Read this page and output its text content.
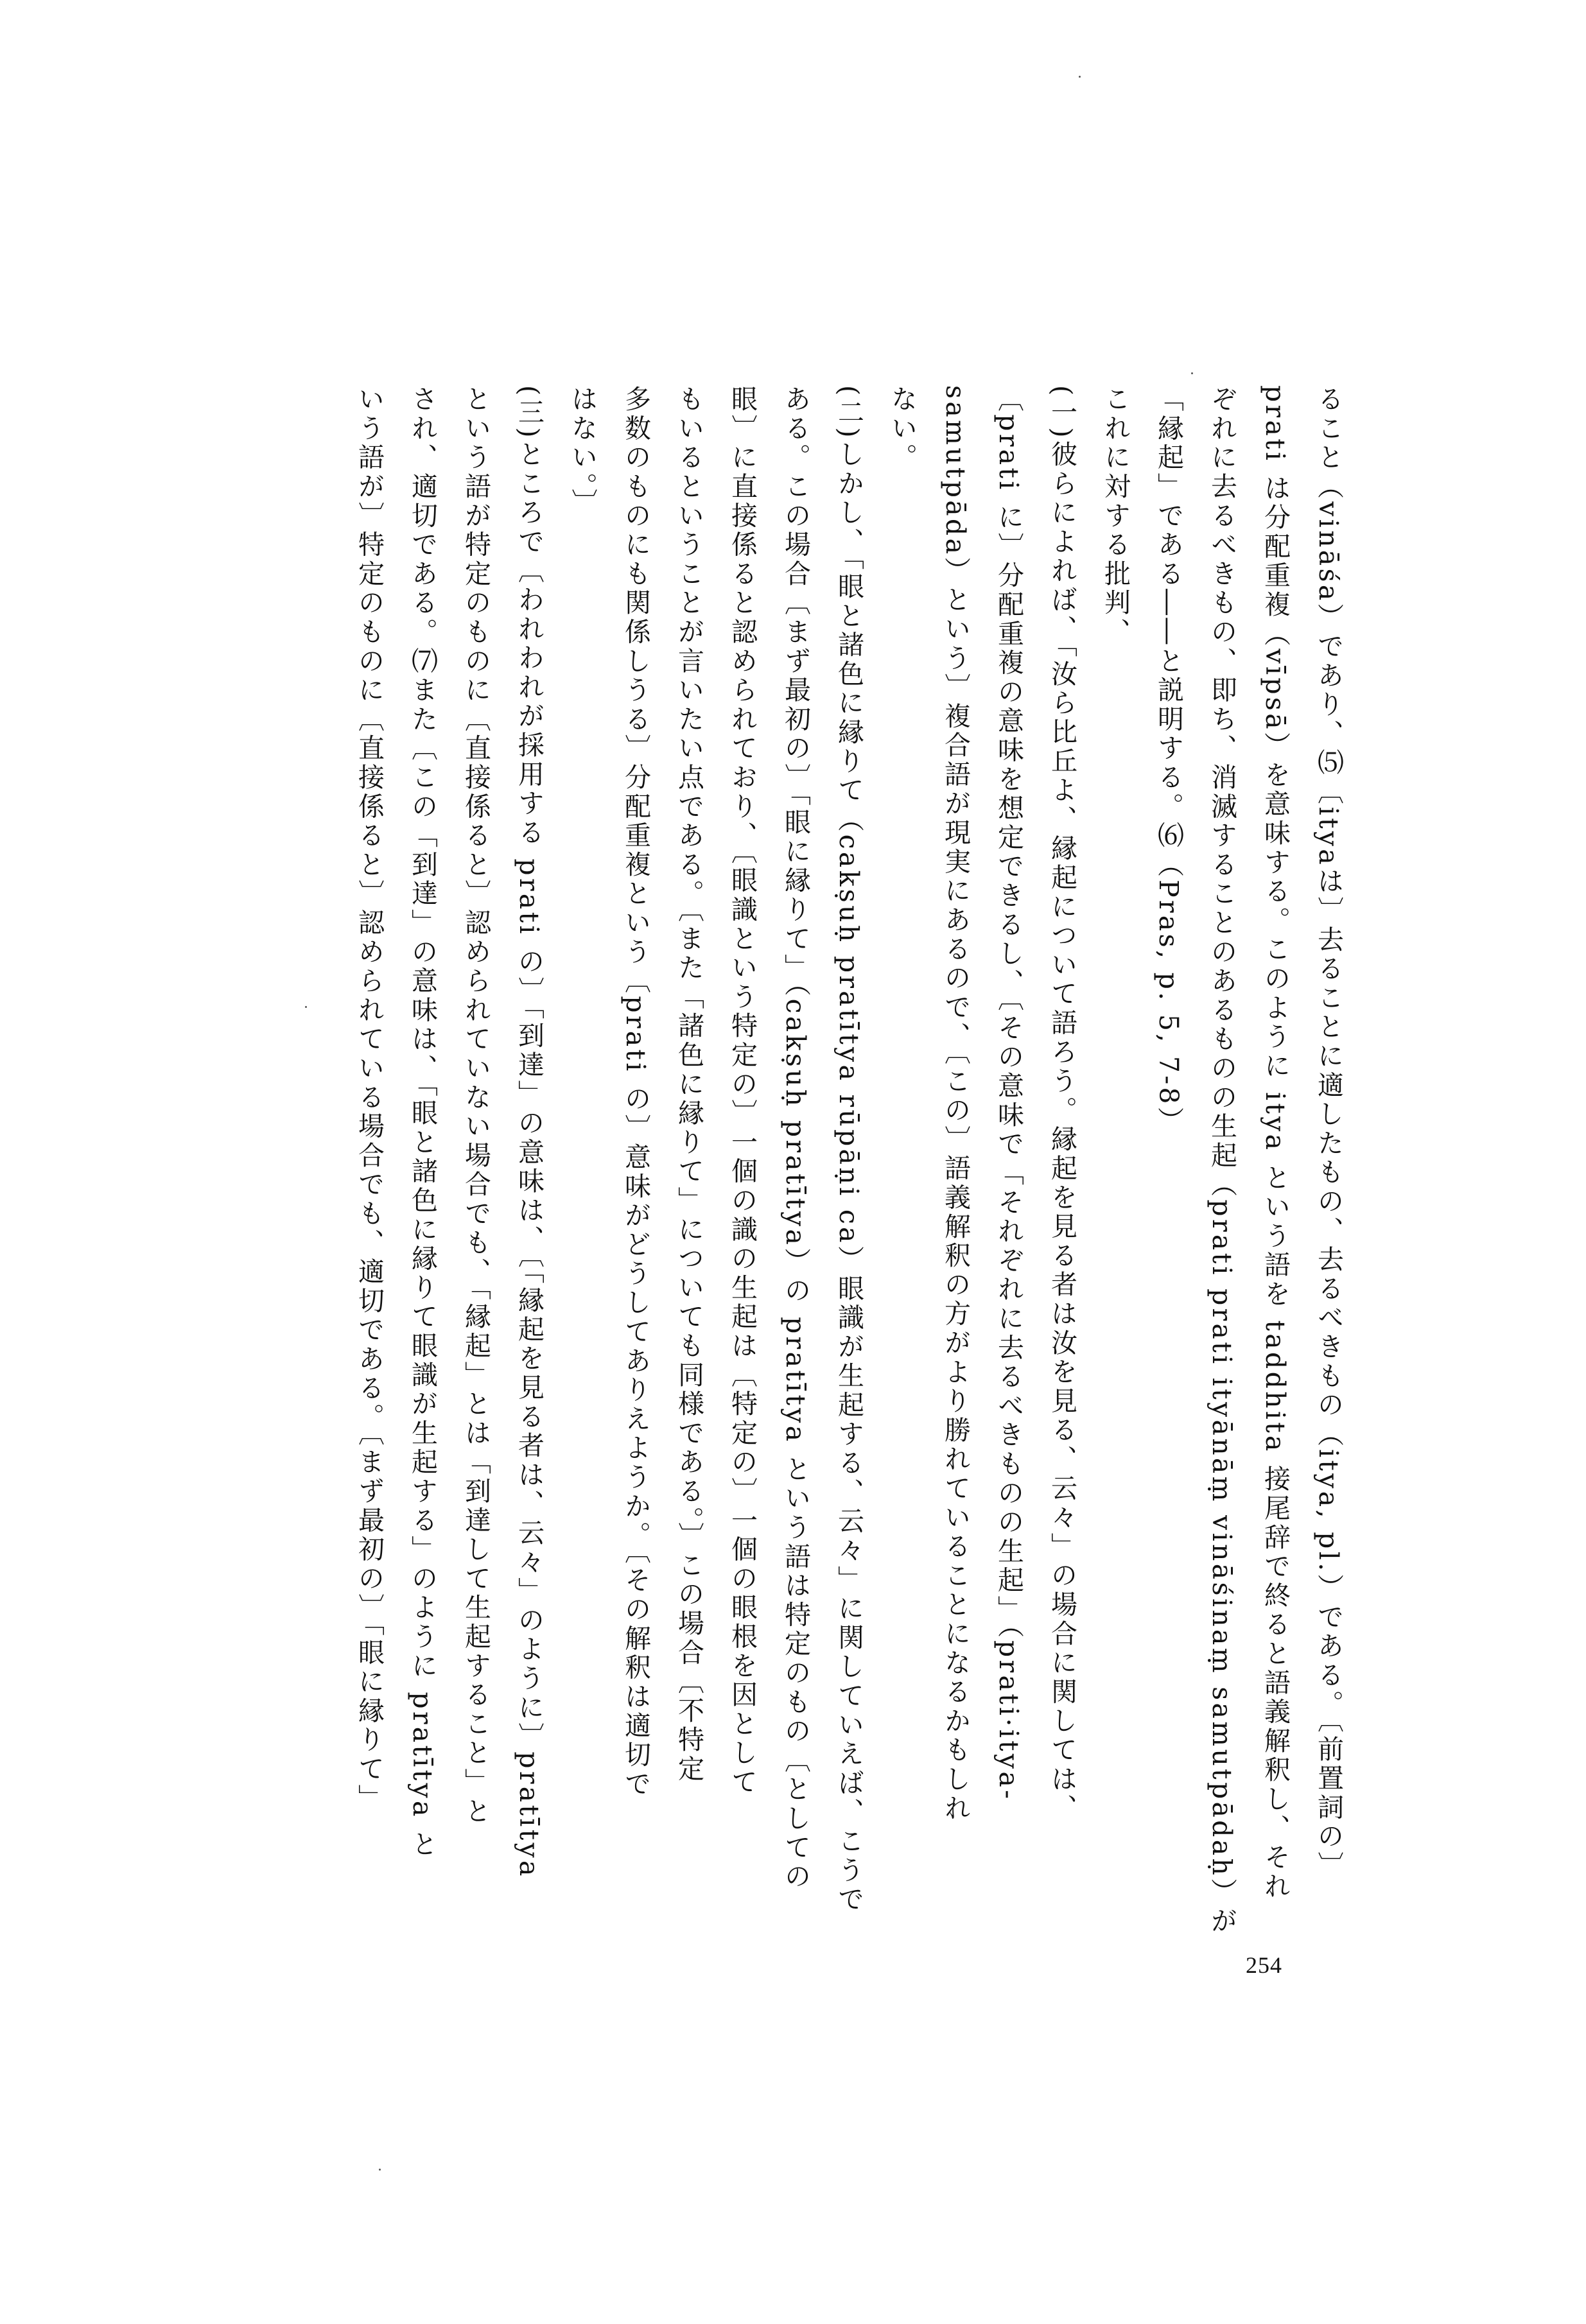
ること（vināśa）であり、⑸〔ityaは〕去ることに適したもの、去るべきもの（itya, pl.）である。〔前置詞の〕
prati は分配重複（vīpsā）を意味する。このように itya という語を taddhita 接尾辞で終ると語義解釈し、それ
ぞれに去るべきもの、即ち、消滅することのあるものの生起（prati prati ityānāṃ vināśinaṃ samutpādaḥ）が
「縁起」である――と説明する。⑹（Pras, p. 5, 7-8）
これに対する批判、
(一)彼らによれば、「汝ら比丘よ、縁起について語ろう。縁起を見る者は汝を見る、云々」の場合に関しては、
〔prati に〕分配重複の意味を想定できるし、〔その意味で「それぞれに去るべきものの生起」（prati·itya-
samutpāda）という〕複合語が現実にあるので、〔この〕語義解釈の方がより勝れていることになるかもしれ
ない。
(二)しかし、「眼と諸色に縁りて（cakṣuḥ pratītya rūpāṇi ca）眼識が生起する、云々」に関していえば、こうで
ある。この場合〔まず最初の〕「眼に縁りて」（cakṣuḥ pratītya）の pratītya という語は特定のもの〔としての
眼〕に直接係ると認められており、〔眼識という特定の〕一個の識の生起は〔特定の〕一個の眼根を因として
もいるということが言いたい点である。〔また「諸色に縁りて」についても同様である。〕この場合〔不特定
多数のものにも関係しうる〕分配重複という〔prati の〕意味がどうしてありえようか。〔その解釈は適切で
はない。〕
(三)ところで〔われわれが採用する prati の〕「到達」の意味は、〔「縁起を見る者は、云々」のように〕pratītya
という語が特定のものに〔直接係ると〕認められていない場合でも、「縁起」とは「到達して生起すること」と
され、適切である。⑺また〔この「到達」の意味は、「眼と諸色に縁りて眼識が生起する」のように pratītya と
いう語が〕特定のものに〔直接係ると〕認められている場合でも、適切である。〔まず最初の〕「眼に縁りて」
254
